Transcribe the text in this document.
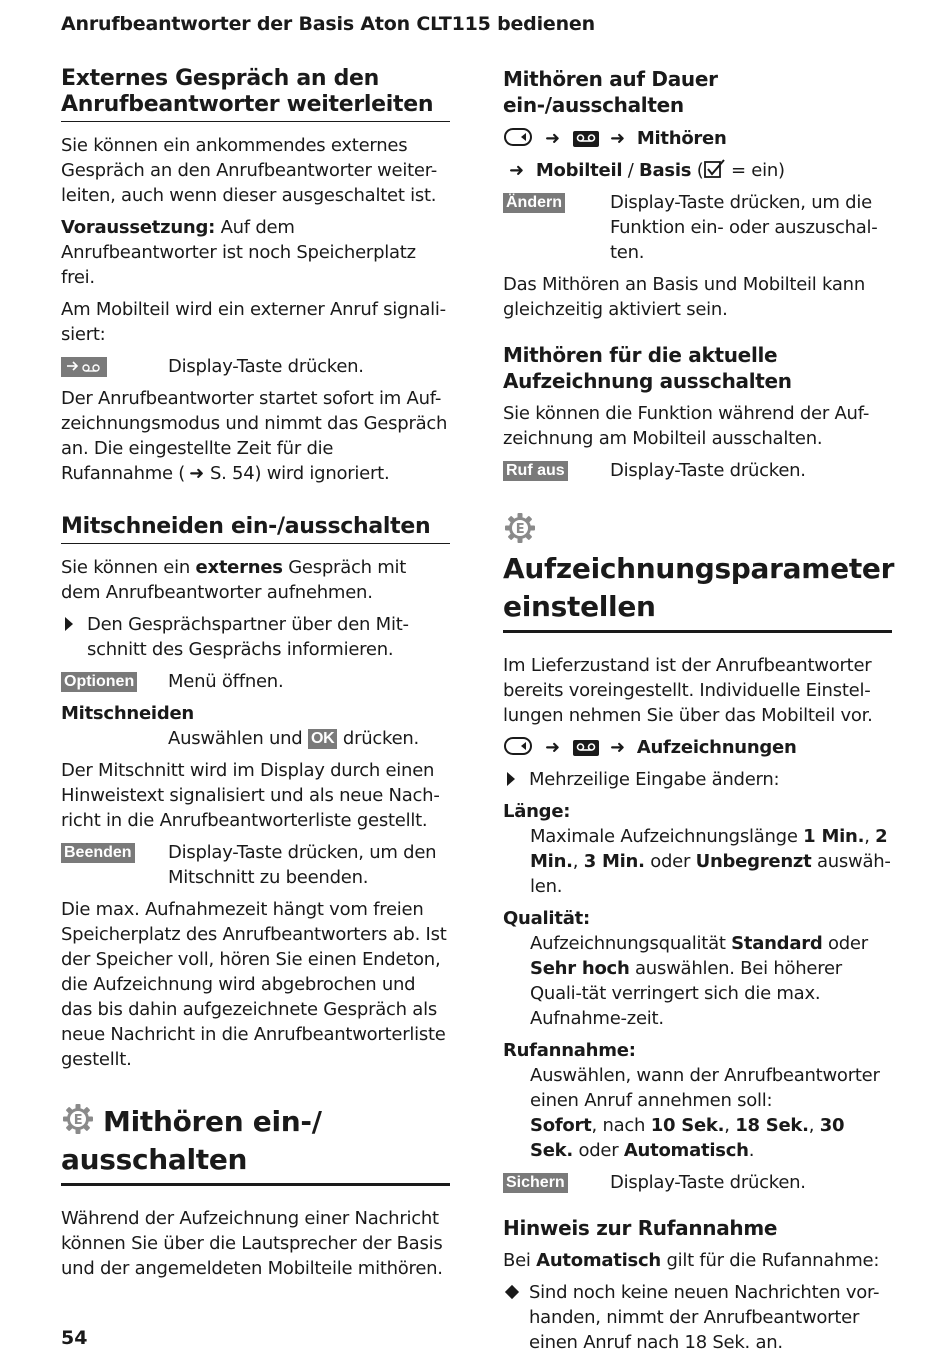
Anrufbeantworter der Basis Aton CLT115 bedienen
Externes Gespräch an den
Anrufbeantworter weiterleiten

Sie können ein ankommendes externes Gespräch an den Anrufbeantworter weiter-leiten, auch wenn dieser ausgeschaltet ist.

Voraussetzung: Auf dem Anrufbeantworter ist noch Speicherplatz frei.

Am Mobilteil wird ein externer Anruf signali-siert:

Display-Taste drücken.

Der Anrufbeantworter startet sofort im Auf-zeichnungsmodus und nimmt das Gespräch an. Die eingestellte Zeit für die Rufannahme ( ➜ S. 54) wird ignoriert.

Mitschneiden ein-/ausschalten

Sie können ein externes Gespräch mit dem Anrufbeantworter aufnehmen.

Den Gesprächspartner über den Mit-schnitt des Gesprächs informieren.
Optionen	Menü öffnen.

Mitschneiden

Auswählen und OK drücken.

Der Mitschnitt wird im Display durch einen Hinweistext signalisiert und als neue Nach-richt in die Anrufbeantworterliste gestellt.

Beenden	Display-Taste drücken, um den Mitschnitt zu beenden.

Die max. Aufnahmezeit hängt vom freien Speicherplatz des Anrufbeantworters ab. Ist der Speicher voll, hören Sie einen Endeton, die Aufzeichnung wird abgebrochen und das bis dahin aufgezeichnete Gespräch als neue Nachricht in die Anrufbeantworterliste gestellt.

E Mithören ein-/
ausschalten

Während der Aufzeichnung einer Nachricht können Sie über die Lautsprecher der Basis und der angemeldeten Mobilteile mithören.

Mithören auf Dauer ein-/ausschalten
➜	➜ Mithören
➜ Mobilteil / Basis ( = ein)
Ändern	Display-Taste drücken, um die Funktion ein- oder auszuschal-ten.

Das Mithören an Basis und Mobilteil kann gleichzeitig aktiviert sein.

Mithören für die aktuelle
Aufzeichnung ausschalten

Sie können die Funktion während der Auf-zeichnung am Mobilteil ausschalten.

Ruf aus	Display-Taste drücken.
E
Aufzeichnungsparameter
einstellen

Im Lieferzustand ist der Anrufbeantworter bereits voreingestellt. Individuelle Einstel-lungen nehmen Sie über das Mobilteil vor.

➜	➜ Aufzeichnungen
Mehrzeilige Eingabe ändern:

Länge:

Maximale Aufzeichnungslänge 1 Min., 2 Min., 3 Min. oder Unbegrenzt auswäh-len.

Qualität:

Aufzeichnungsqualität Standard oder Sehr hoch auswählen. Bei höherer Quali-tät verringert sich die max. Aufnahme-zeit.

Rufannahme:

Auswählen, wann der Anrufbeantworter einen Anruf annehmen soll:
Sofort, nach 10 Sek., 18 Sek., 30 Sek. oder Automatisch.

Sichern	Display-Taste drücken.
Hinweis zur Rufannahme

Bei Automatisch gilt für die Rufannahme:

Sind noch keine neuen Nachrichten vor-handen, nimmt der Anrufbeantworter einen Anruf nach 18 Sek. an.
54
